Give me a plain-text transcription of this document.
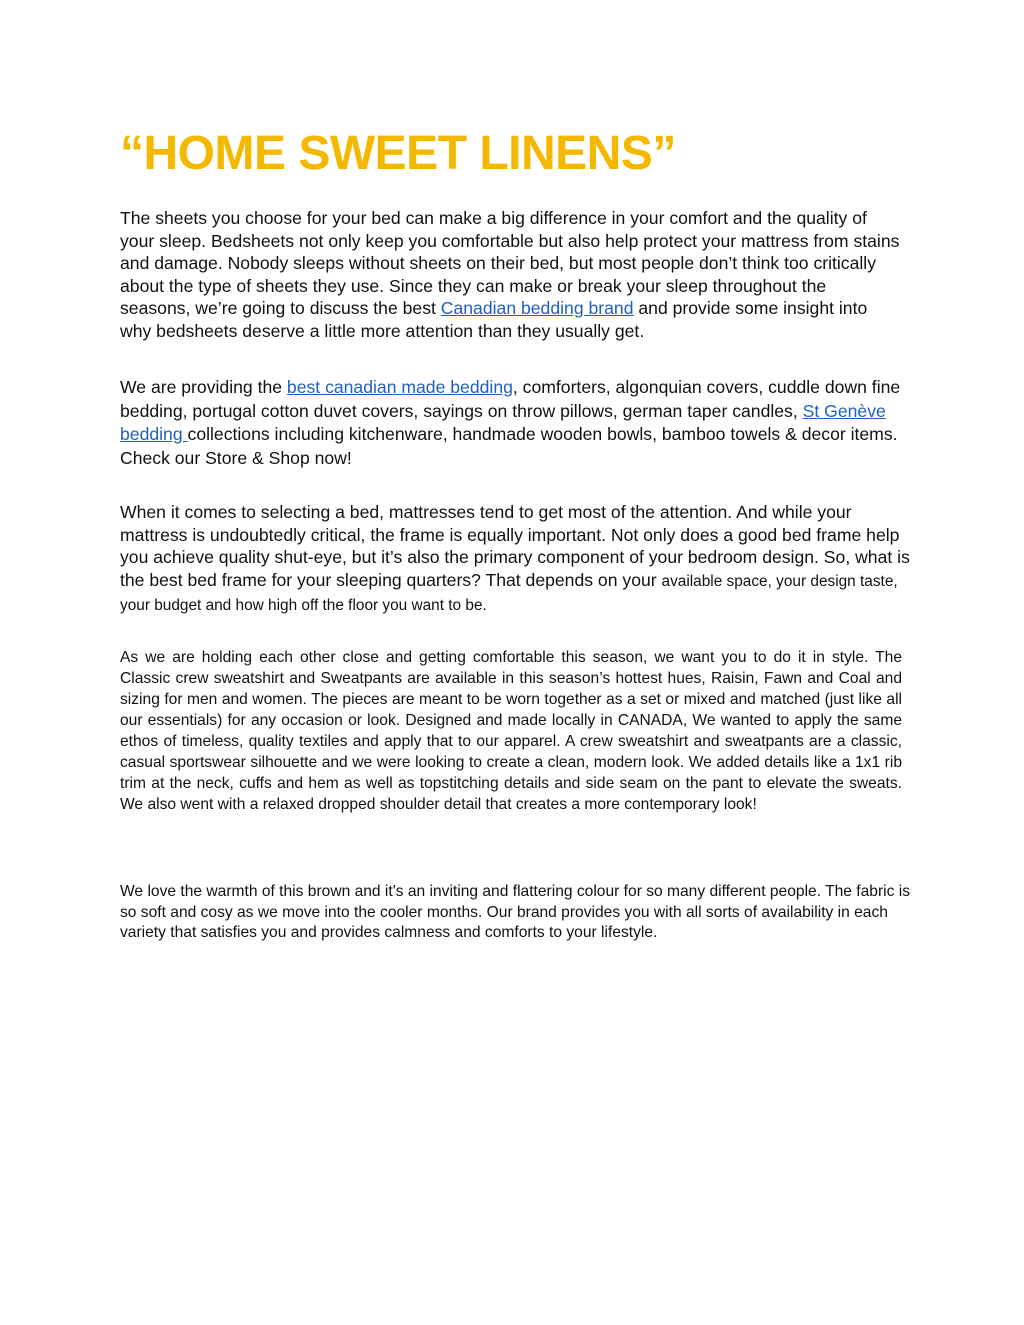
“HOME SWEET LINENS”

The sheets you choose for your bed can make a big difference in your comfort and the quality of your sleep. Bedsheets not only keep you comfortable but also help protect your mattress from stains and damage. Nobody sleeps without sheets on their bed, but most people don’t think too critically about the type of sheets they use. Since they can make or break your sleep throughout the seasons, we’re going to discuss the best Canadian bedding brand and provide some insight into why bedsheets deserve a little more attention than they usually get.

We are providing the best canadian made bedding, comforters, algonquian covers, cuddle down fine bedding, portugal cotton duvet covers, sayings on throw pillows, german taper candles, St Genève bedding collections including kitchenware, handmade wooden bowls, bamboo towels & decor items. Check our Store & Shop now!

When it comes to selecting a bed, mattresses tend to get most of the attention. And while your mattress is undoubtedly critical, the frame is equally important. Not only does a good bed frame help you achieve quality shut-eye, but it’s also the primary component of your bedroom design. So, what is the best bed frame for your sleeping quarters? That depends on your available space, your design taste, your budget and how high off the floor you want to be.

As we are holding each other close and getting comfortable this season, we want you to do it in style. The Classic crew sweatshirt and Sweatpants are available in this season’s hottest hues, Raisin, Fawn and Coal and sizing for men and women. The pieces are meant to be worn together as a set or mixed and matched (just like all our essentials) for any occasion or look. Designed and made locally in CANADA, We wanted to apply the same ethos of timeless, quality textiles and apply that to our apparel. A crew sweatshirt and sweatpants are a classic, casual sportswear silhouette and we were looking to create a clean, modern look. We added details like a 1x1 rib trim at the neck, cuffs and hem as well as topstitching details and side seam on the pant to elevate the sweats. We also went with a relaxed dropped shoulder detail that creates a more contemporary look!

We love the warmth of this brown and it's an inviting and flattering colour for so many different people. The fabric is so soft and cosy as we move into the cooler months. Our brand provides you with all sorts of availability in each variety that satisfies you and provides calmness and comforts to your lifestyle.
